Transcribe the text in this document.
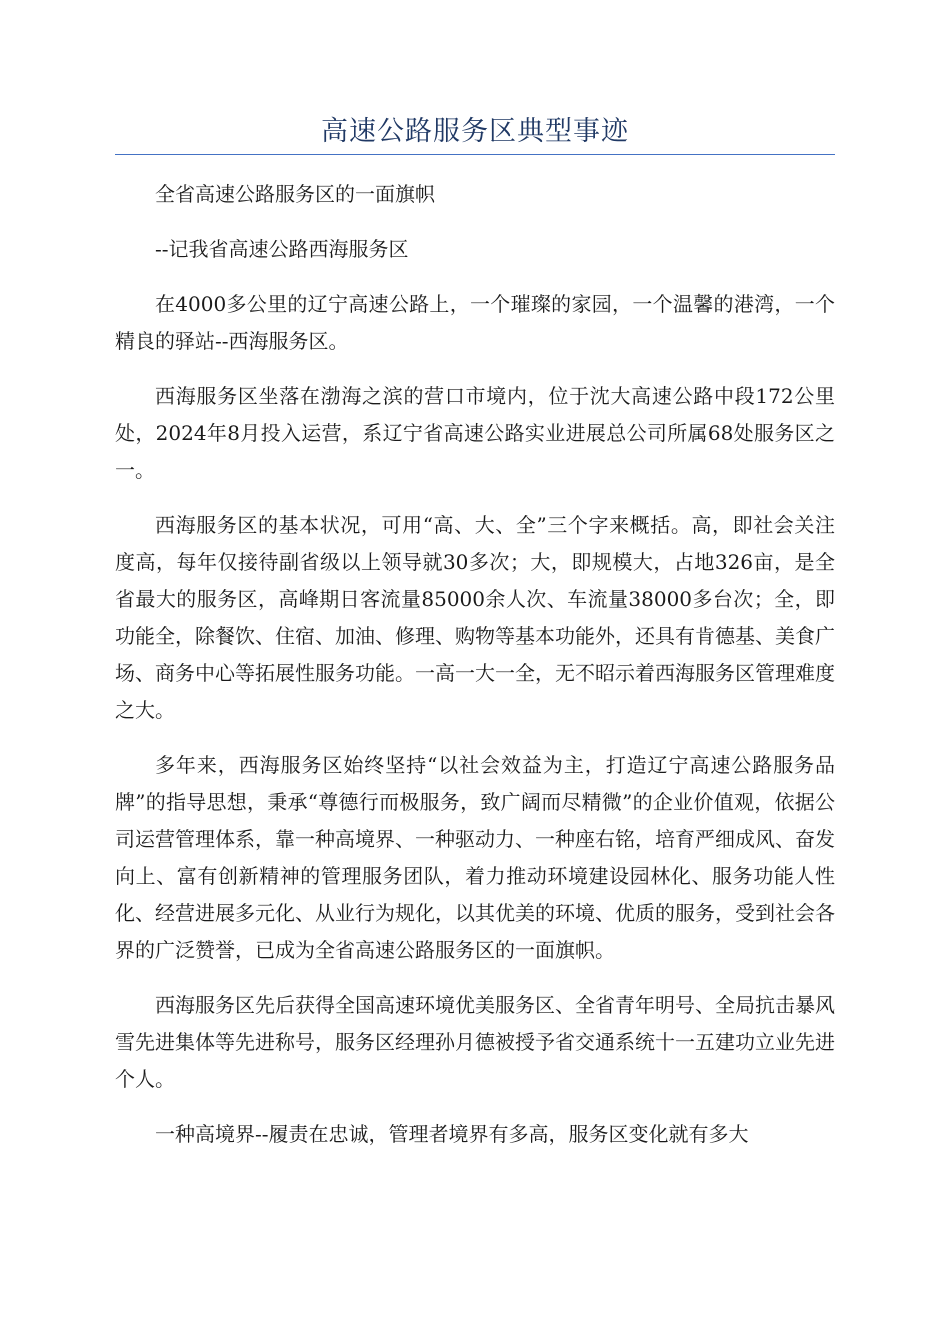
高速公路服务区典型事迹

全省高速公路服务区的一面旗帜

--记我省高速公路西海服务区

在4000多公里的辽宁高速公路上，一个璀璨的家园，一个温馨的港湾，一个精良的驿站--西海服务区。

西海服务区坐落在渤海之滨的营口市境内，位于沈大高速公路中段172公里处，2024年8月投入运营，系辽宁省高速公路实业进展总公司所属68处服务区之一。

西海服务区的基本状况，可用“高、大、全”三个字来概括。高，即社会关注度高，每年仅接待副省级以上领导就30多次；大，即规模大，占地326亩，是全省最大的服务区，高峰期日客流量85000余人次、车流量38000多台次；全，即功能全，除餐饮、住宿、加油、修理、购物等基本功能外，还具有肯德基、美食广场、商务中心等拓展性服务功能。一高一大一全，无不昭示着西海服务区管理难度之大。

多年来，西海服务区始终坚持“以社会效益为主，打造辽宁高速公路服务品牌”的指导思想，秉承“尊德行而极服务，致广阔而尽精微”的企业价值观，依据公司运营管理体系，靠一种高境界、一种驱动力、一种座右铭，培育严细成风、奋发向上、富有创新精神的管理服务团队，着力推动环境建设园林化、服务功能人性化、经营进展多元化、从业行为规化，以其优美的环境、优质的服务，受到社会各界的广泛赞誉，已成为全省高速公路服务区的一面旗帜。

西海服务区先后获得全国高速环境优美服务区、全省青年明号、全局抗击暴风雪先进集体等先进称号，服务区经理孙月德被授予省交通系统十一五建功立业先进个人。

一种高境界--履责在忠诚，管理者境界有多高，服务区变化就有多大
